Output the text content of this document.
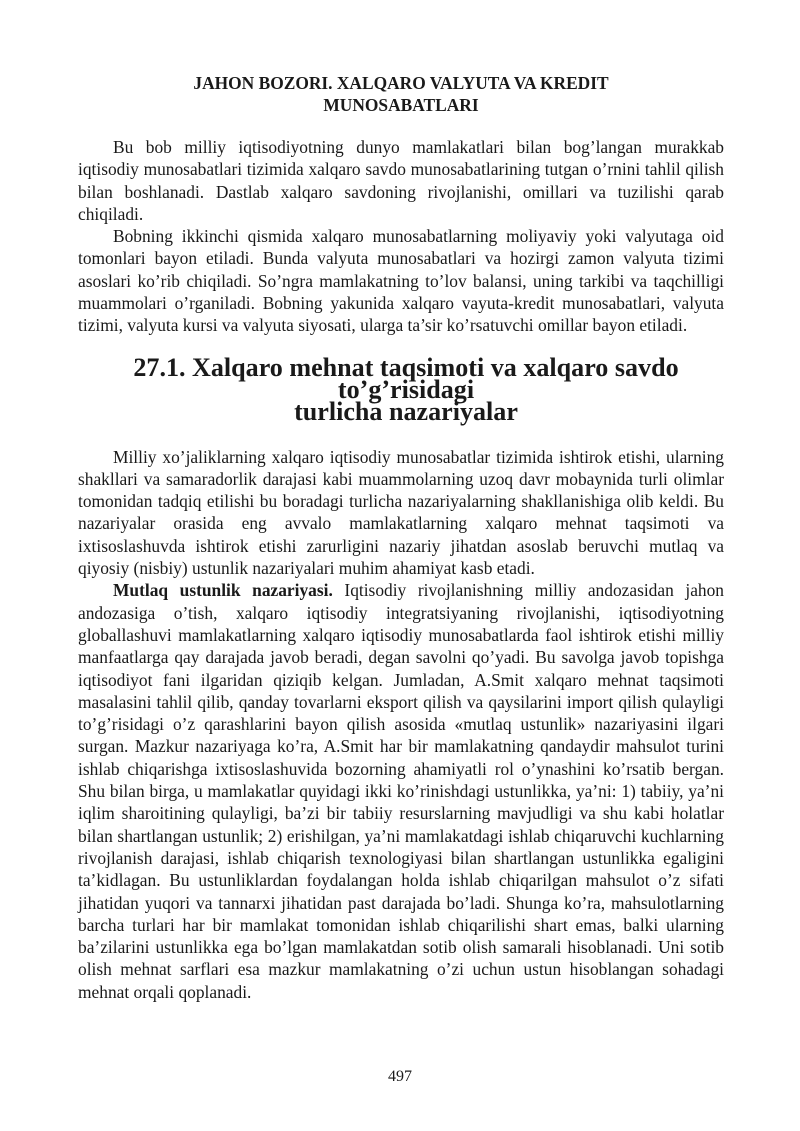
JAHON BOZORI. XALQARO VALYUTA VA KREDIT
MUNOSABATLARI

Bu bob milliy iqtisodiyotning dunyo mamlakatlari bilan bog’langan murakkab iqtisodiy munosabatlari tizimida xalqaro savdo munosabatlarining tutgan o’rnini tahlil qilish bilan boshlanadi. Dastlab xalqaro savdoning rivojlanishi, omillari va tuzilishi qarab chiqiladi.

Bobning ikkinchi qismida xalqaro munosabatlarning moliyaviy yoki valyutaga oid tomonlari bayon etiladi. Bunda valyuta munosabatlari va hozirgi zamon valyuta tizimi asoslari ko’rib chiqiladi. So’ngra mamlakatning to’lov balansi, uning tarkibi va taqchilligi muammolari o’rganiladi. Bobning yakunida xalqaro vayuta-kredit munosabatlari, valyuta tizimi, valyuta kursi va valyuta siyosati, ularga ta’sir ko’rsatuvchi omillar bayon etiladi.

27.1. Xalqaro mehnat taqsimoti va xalqaro savdo to’g’risidagi
turlicha nazariyalar

Milliy xo’jaliklarning xalqaro iqtisodiy munosabatlar tizimida ishtirok etishi, ularning shakllari va samaradorlik darajasi kabi muammolarning uzoq davr mobaynida turli olimlar tomonidan tadqiq etilishi bu boradagi turlicha nazariyalarning shakllanishiga olib keldi. Bu nazariyalar orasida eng avvalo mamlakatlarning xalqaro mehnat taqsimoti va ixtisoslashuvda ishtirok etishi zarurligini nazariy jihatdan asoslab beruvchi mutlaq va qiyosiy (nisbiy) ustunlik nazariyalari muhim ahamiyat kasb etadi.

Mutlaq ustunlik nazariyasi. Iqtisodiy rivojlanishning milliy andozasidan jahon andozasiga o’tish, xalqaro iqtisodiy integratsiyaning rivojlanishi, iqtisodiyotning globallashuvi mamlakatlarning xalqaro iqtisodiy munosabatlarda faol ishtirok etishi milliy manfaatlarga qay darajada javob beradi, degan savolni qo’yadi. Bu savolga javob topishga iqtisodiyot fani ilgaridan qiziqib kelgan. Jumladan, A.Smit xalqaro mehnat taqsimoti masalasini tahlil qilib, qanday tovarlarni eksport qilish va qaysilarini import qilish qulayligi to’g’risidagi o’z qarashlarini bayon qilish asosida «mutlaq ustunlik» nazariyasini ilgari surgan. Mazkur nazariyaga ko’ra, A.Smit har bir mamlakatning qandaydir mahsulot turini ishlab chiqarishga ixtisoslashuvida bozorning ahamiyatli rol o’ynashini ko’rsatib bergan. Shu bilan birga, u mamlakatlar quyidagi ikki ko’rinishdagi ustunlikka, ya’ni: 1) tabiiy, ya’ni iqlim sharoitining qulayligi, ba’zi bir tabiiy resurslarning mavjudligi va shu kabi holatlar bilan shartlangan ustunlik; 2) erishilgan, ya’ni mamlakatdagi ishlab chiqaruvchi kuchlarning rivojlanish darajasi, ishlab chiqarish texnologiyasi bilan shartlangan ustunlikka egaligini ta’kidlagan. Bu ustunliklardan foydalangan holda ishlab chiqarilgan mahsulot o’z sifati jihatidan yuqori va tannarxi jihatidan past darajada bo’ladi. Shunga ko’ra, mahsulotlarning barcha turlari har bir mamlakat tomonidan ishlab chiqarilishi shart emas, balki ularning ba’zilarini ustunlikka ega bo’lgan mamlakatdan sotib olish samarali hisoblanadi. Uni sotib olish mehnat sarflari esa mazkur mamlakatning o’zi uchun ustun hisoblangan sohadagi mehnat orqali qoplanadi.

497
